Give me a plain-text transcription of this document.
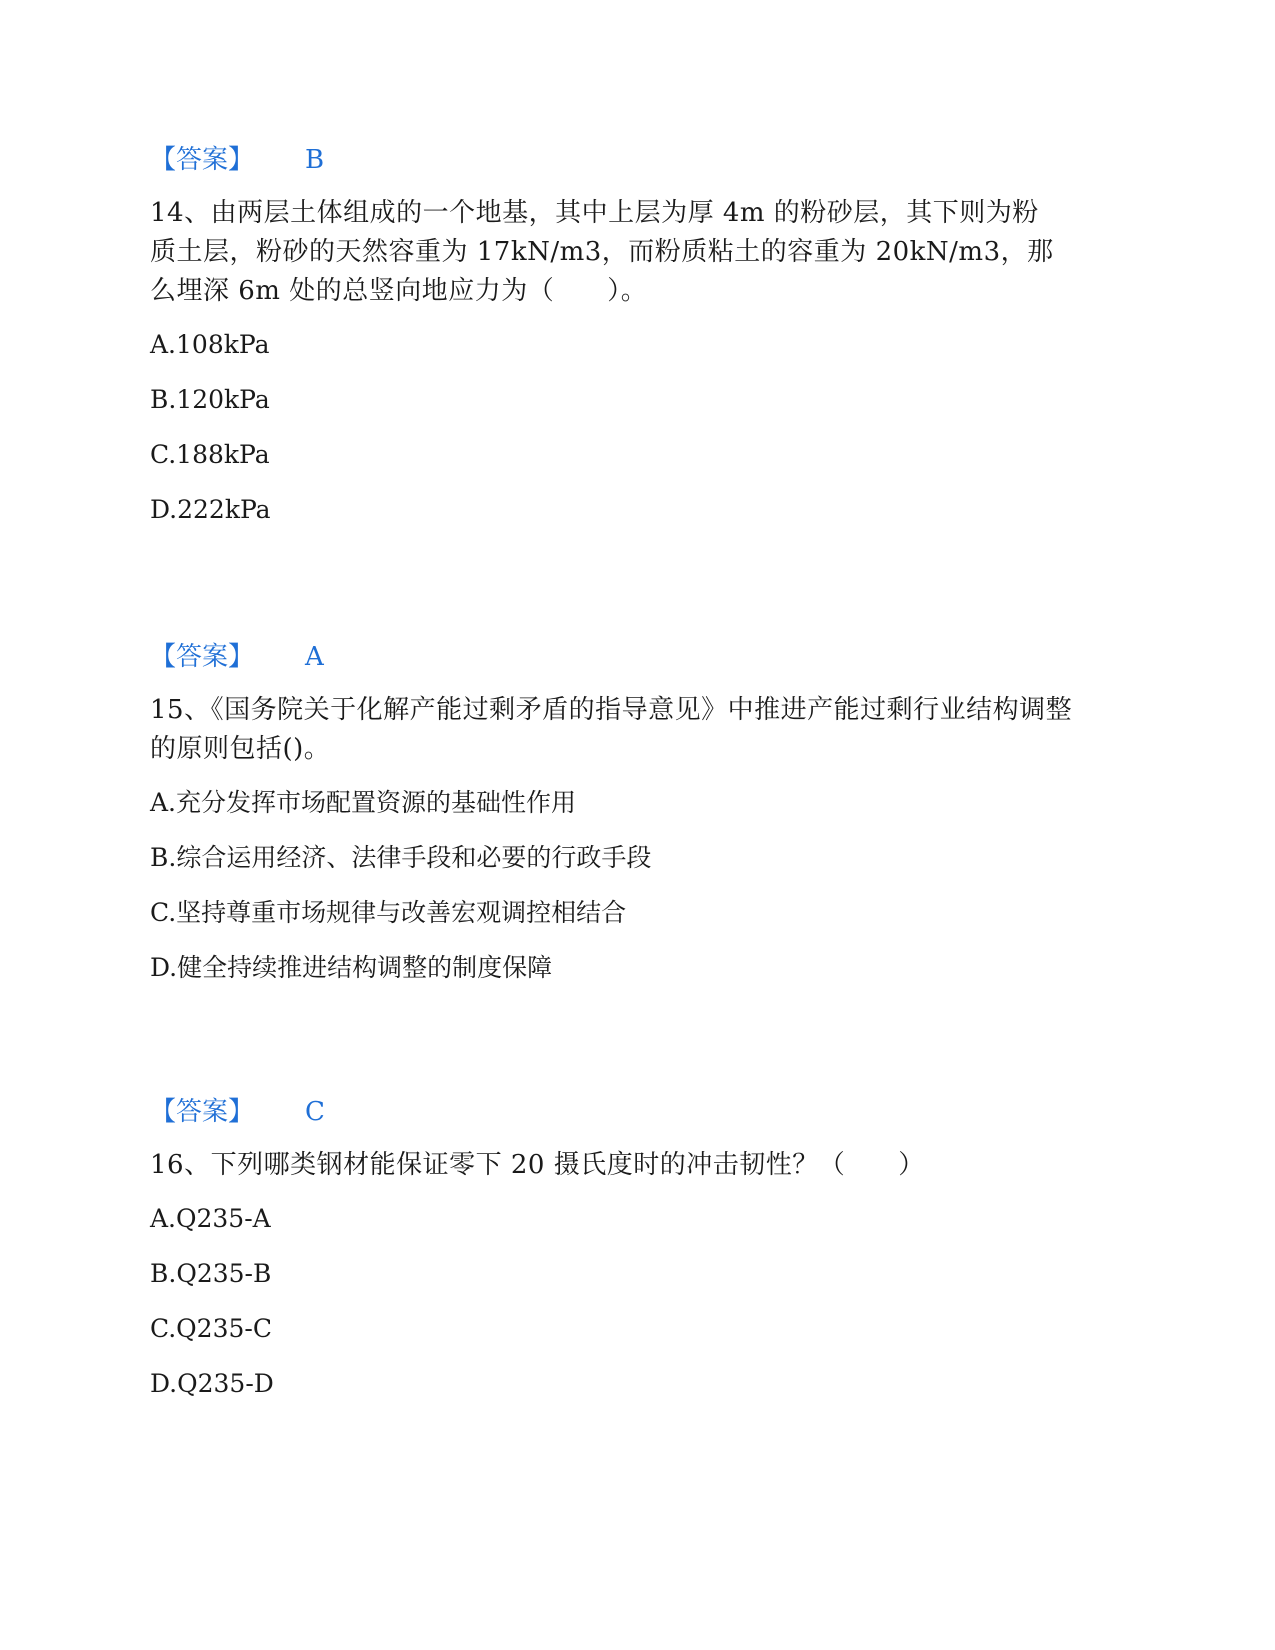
【答案】 B
14、由两层土体组成的一个地基，其中上层为厚 4m 的粉砂层，其下则为粉质土层，粉砂的天然容重为 17kN/m3，而粉质粘土的容重为 20kN/m3，那么埋深 6m 处的总竖向地应力为（　　）。
A.108kPa
B.120kPa
C.188kPa
D.222kPa
【答案】 A
15、《国务院关于化解产能过剩矛盾的指导意见》中推进产能过剩行业结构调整的原则包括()。
A.充分发挥市场配置资源的基础性作用
B.综合运用经济、法律手段和必要的行政手段
C.坚持尊重市场规律与改善宏观调控相结合
D.健全持续推进结构调整的制度保障
【答案】 C
16、下列哪类钢材能保证零下 20 摄氏度时的冲击韧性？（　　）
A.Q235-A
B.Q235-B
C.Q235-C
D.Q235-D
